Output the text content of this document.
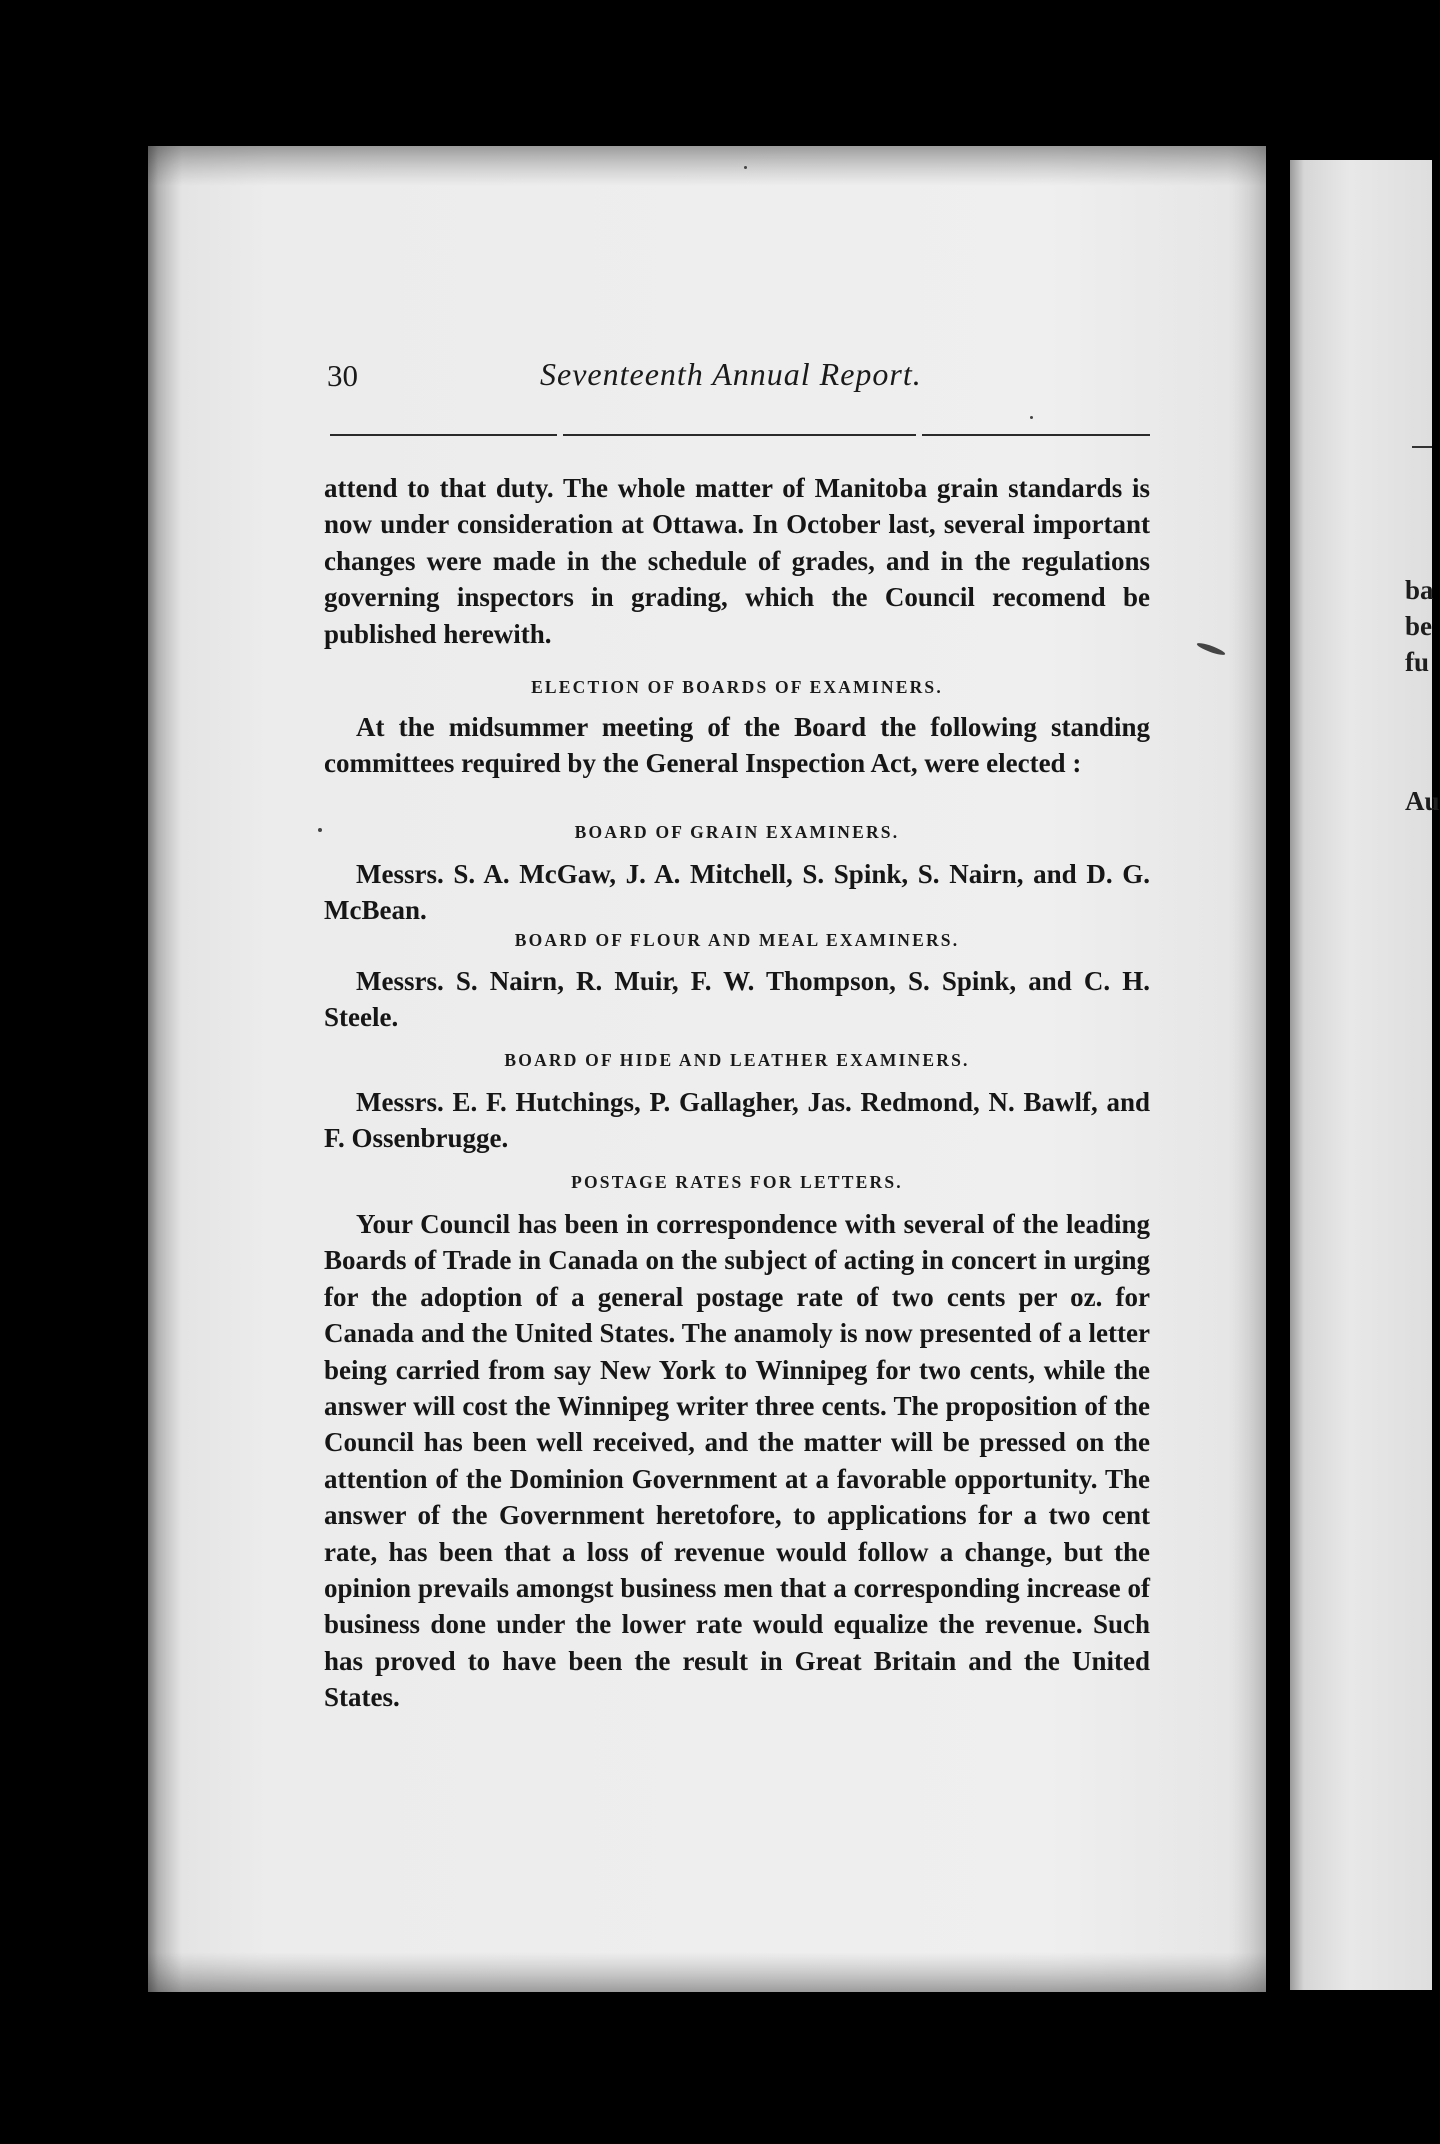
ba
be
fu
Au
30	Seventeenth Annual Report.

attend to that duty. The whole matter of Manitoba grain standards is now under consideration at Ottawa. In October last, several important changes were made in the schedule of grades, and in the regulations governing inspectors in grading, which the Council recomend be published herewith.

ELECTION OF BOARDS OF EXAMINERS.

At the midsummer meeting of the Board the following standing committees required by the General Inspection Act, were elected :

BOARD OF GRAIN EXAMINERS.

Messrs. S. A. McGaw, J. A. Mitchell, S. Spink, S. Nairn, and D. G. McBean.

BOARD OF FLOUR AND MEAL EXAMINERS.

Messrs. S. Nairn, R. Muir, F. W. Thompson, S. Spink, and C. H. Steele.

BOARD OF HIDE AND LEATHER EXAMINERS.

Messrs. E. F. Hutchings, P. Gallagher, Jas. Redmond, N. Bawlf, and F. Ossenbrugge.

POSTAGE RATES FOR LETTERS.

Your Council has been in correspondence with several of the leading Boards of Trade in Canada on the subject of acting in concert in urging for the adoption of a general postage rate of two cents per oz. for Canada and the United States. The anamoly is now presented of a letter being carried from say New York to Winnipeg for two cents, while the answer will cost the Winnipeg writer three cents. The proposition of the Council has been well received, and the matter will be pressed on the attention of the Dominion Government at a favorable opportunity. The answer of the Government heretofore, to applications for a two cent rate, has been that a loss of revenue would follow a change, but the opinion prevails amongst business men that a corresponding increase of business done under the lower rate would equalize the revenue. Such has proved to have been the result in Great Britain and the United States.
